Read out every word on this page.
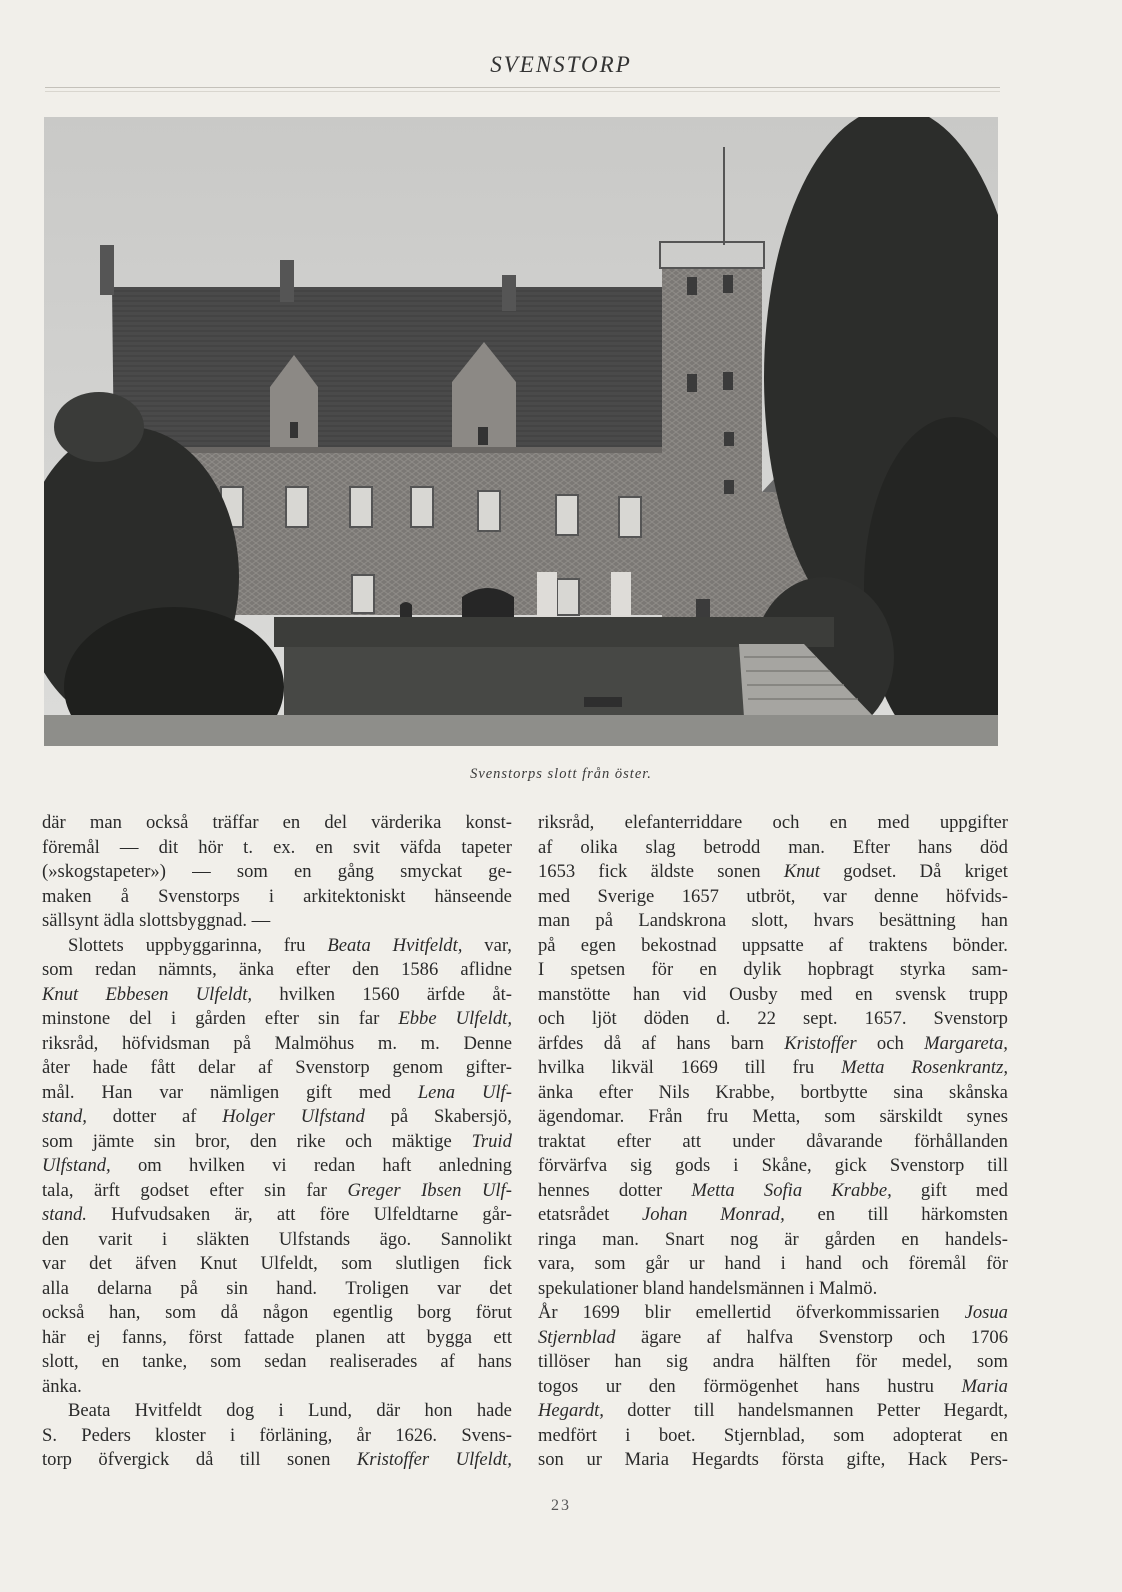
SVENSTORP
Svenstorps slott från öster.
där man också träffar en del värderika konst-
föremål — dit hör t. ex. en svit väfda tapeter
(»skogstapeter») — som en gång smyckat ge-
maken å Svenstorps i arkitektoniskt hänseende
sällsynt ädla slottsbyggnad. —
Slottets uppbyggarinna, fru Beata Hvitfeldt, var,
som redan nämnts, änka efter den 1586 aflidne
Knut Ebbesen Ulfeldt, hvilken 1560 ärfde åt-
minstone del i gården efter sin far Ebbe Ulfeldt,
riksråd, höfvidsman på Malmöhus m. m. Denne
åter hade fått delar af Svenstorp genom gifter-
mål. Han var nämligen gift med Lena Ulf-
stand, dotter af Holger Ulfstand på Skabersjö,
som jämte sin bror, den rike och mäktige Truid
Ulfstand, om hvilken vi redan haft anledning
tala, ärft godset efter sin far Greger Ibsen Ulf-
stand. Hufvudsaken är, att före Ulfeldtarne går-
den varit i släkten Ulfstands ägo. Sannolikt
var det äfven Knut Ulfeldt, som slutligen fick
alla delarna på sin hand. Troligen var det
också han, som då någon egentlig borg förut
här ej fanns, först fattade planen att bygga ett
slott, en tanke, som sedan realiserades af hans
änka.
Beata Hvitfeldt dog i Lund, där hon hade
S. Peders kloster i förläning, år 1626. Svens-
torp öfvergick då till sonen Kristoffer Ulfeldt,
riksråd, elefanterriddare och en med uppgifter
af olika slag betrodd man. Efter hans död
1653 fick äldste sonen Knut godset. Då kriget
med Sverige 1657 utbröt, var denne höfvids-
man på Landskrona slott, hvars besättning han
på egen bekostnad uppsatte af traktens bönder.
I spetsen för en dylik hopbragt styrka sam-
manstötte han vid Ousby med en svensk trupp
och ljöt döden d. 22 sept. 1657. Svenstorp
ärfdes då af hans barn Kristoffer och Margareta,
hvilka likväl 1669 till fru Metta Rosenkrantz,
änka efter Nils Krabbe, bortbytte sina skånska
ägendomar. Från fru Metta, som särskildt synes
traktat efter att under dåvarande förhållanden
förvärfva sig gods i Skåne, gick Svenstorp till
hennes dotter Metta Sofia Krabbe, gift med
etatsrådet Johan Monrad, en till härkomsten
ringa man. Snart nog är gården en handels-
vara, som går ur hand i hand och föremål för
spekulationer bland handelsmännen i Malmö.
År 1699 blir emellertid öfverkommissarien Josua
Stjernblad ägare af halfva Svenstorp och 1706
tillöser han sig andra hälften för medel, som
togos ur den förmögenhet hans hustru Maria
Hegardt, dotter till handelsmannen Petter Hegardt,
medfört i boet. Stjernblad, som adopterat en
son ur Maria Hegardts första gifte, Hack Pers-
23
